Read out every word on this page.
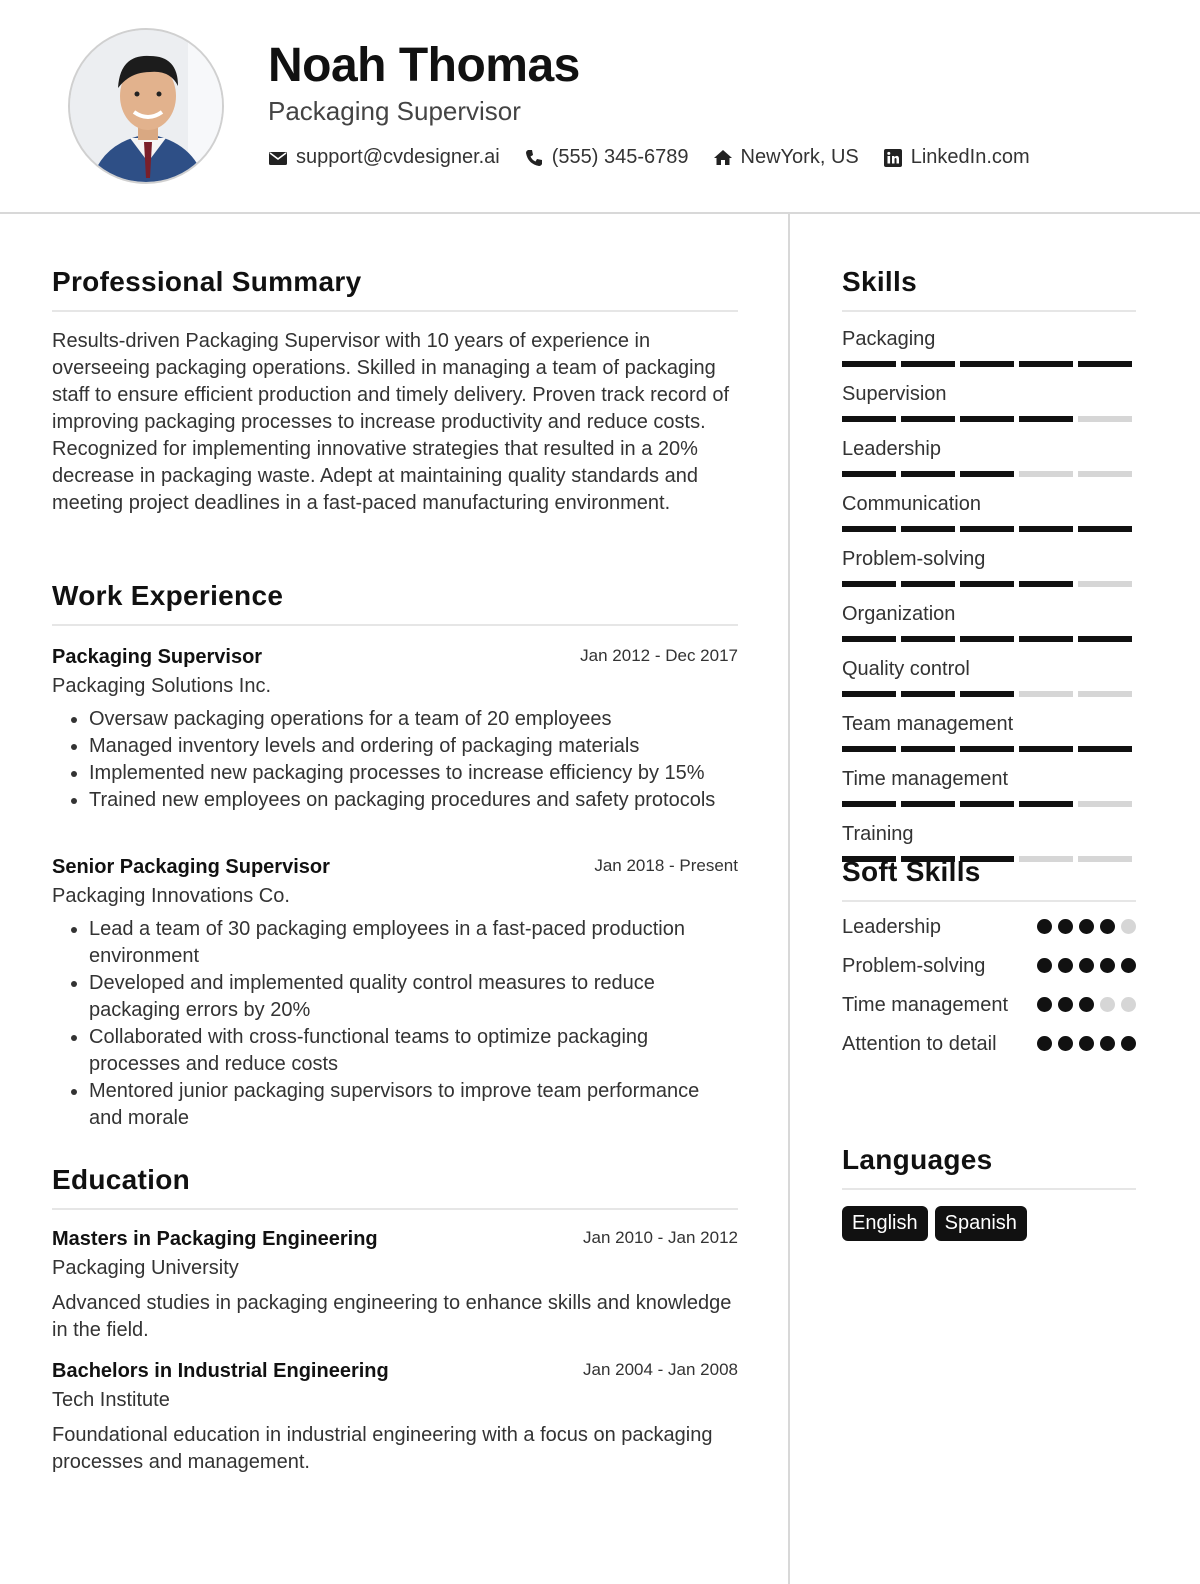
Noah Thomas
Packaging Supervisor
support@cvdesigner.ai	(555) 345-6789	NewYork, US	LinkedIn.com
Professional Summary

Results-driven Packaging Supervisor with 10 years of experience in overseeing packaging operations. Skilled in managing a team of packaging staff to ensure efficient production and timely delivery. Proven track record of improving packaging processes to increase productivity and reduce costs. Recognized for implementing innovative strategies that resulted in a 20% decrease in packaging waste. Adept at maintaining quality standards and meeting project deadlines in a fast-paced manufacturing environment.

Work Experience
Packaging Supervisor	Jan 2012 - Dec 2017
Packaging Solutions Inc.
• Oversaw packaging operations for a team of 20 employees
• Managed inventory levels and ordering of packaging materials
• Implemented new packaging processes to increase efficiency by 15%
• Trained new employees on packaging procedures and safety protocols
Senior Packaging Supervisor	Jan 2018 - Present
Packaging Innovations Co.
• Lead a team of 30 packaging employees in a fast-paced production environment
• Developed and implemented quality control measures to reduce packaging errors by 20%
• Collaborated with cross-functional teams to optimize packaging processes and reduce costs
• Mentored junior packaging supervisors to improve team performance and morale
Education
Masters in Packaging Engineering	Jan 2010 - Jan 2012
Packaging University
Advanced studies in packaging engineering to enhance skills and knowledge in the field.
Bachelors in Industrial Engineering	Jan 2004 - Jan 2008
Tech Institute
Foundational education in industrial engineering with a focus on packaging processes and management.
Skills
Packaging
Supervision
Leadership
Communication
Problem-solving
Organization
Quality control
Team management
Time management
Training
Soft Skills
Leadership
Problem-solving
Time management
Attention to detail
Languages
English	Spanish
